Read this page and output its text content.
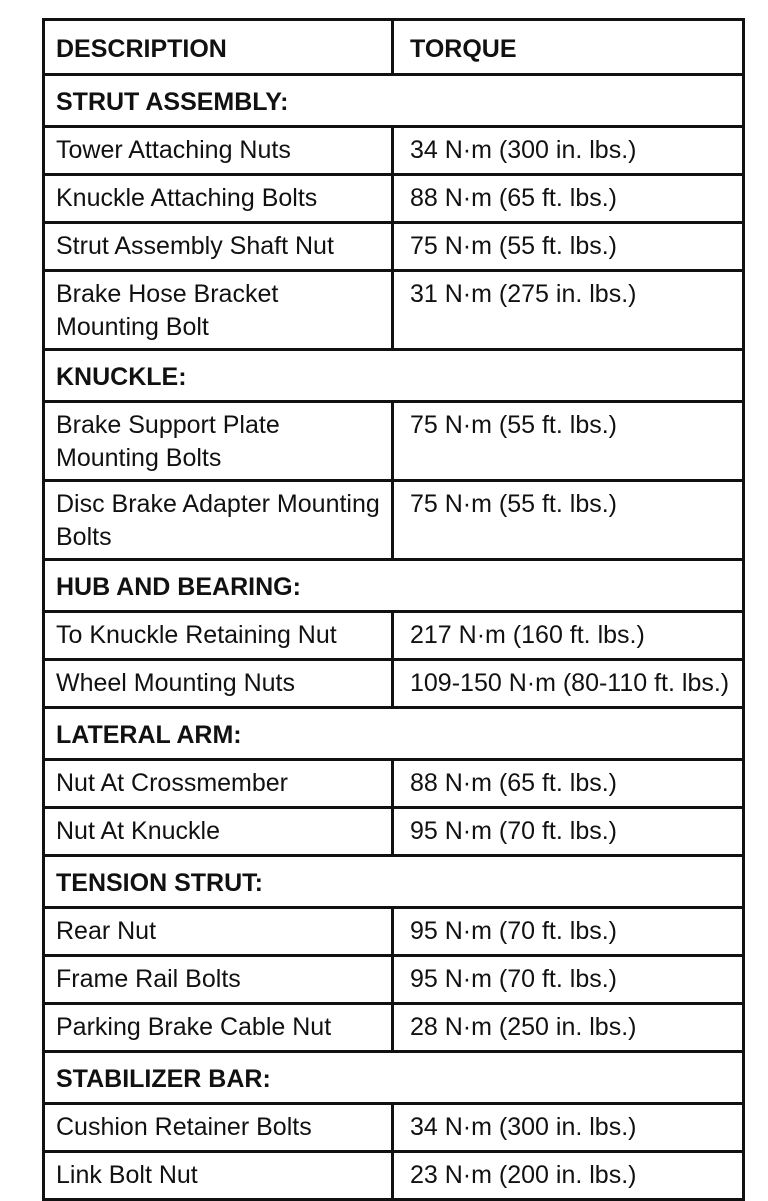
DESCRIPTION	TORQUE
STRUT ASSEMBLY:	
Tower Attaching Nuts	34 N·m (300 in. lbs.)
Knuckle Attaching Bolts	88 N·m (65 ft. lbs.)
Strut Assembly Shaft Nut	75 N·m (55 ft. lbs.)
Brake Hose Bracket Mounting Bolt	31 N·m (275 in. lbs.)
KNUCKLE:	
Brake Support Plate Mounting Bolts	75 N·m (55 ft. lbs.)
Disc Brake Adapter Mounting Bolts	75 N·m (55 ft. lbs.)
HUB AND BEARING:	
To Knuckle Retaining Nut	217 N·m (160 ft. lbs.)
Wheel Mounting Nuts	109-150 N·m (80-110 ft. lbs.)
LATERAL ARM:	
Nut At Crossmember	88 N·m (65 ft. lbs.)
Nut At Knuckle	95 N·m (70 ft. lbs.)
TENSION STRUT:	
Rear Nut	95 N·m (70 ft. lbs.)
Frame Rail Bolts	95 N·m (70 ft. lbs.)
Parking Brake Cable Nut	28 N·m (250 in. lbs.)
STABILIZER BAR:	
Cushion Retainer Bolts	34 N·m (300 in. lbs.)
Link Bolt Nut	23 N·m (200 in. lbs.)
